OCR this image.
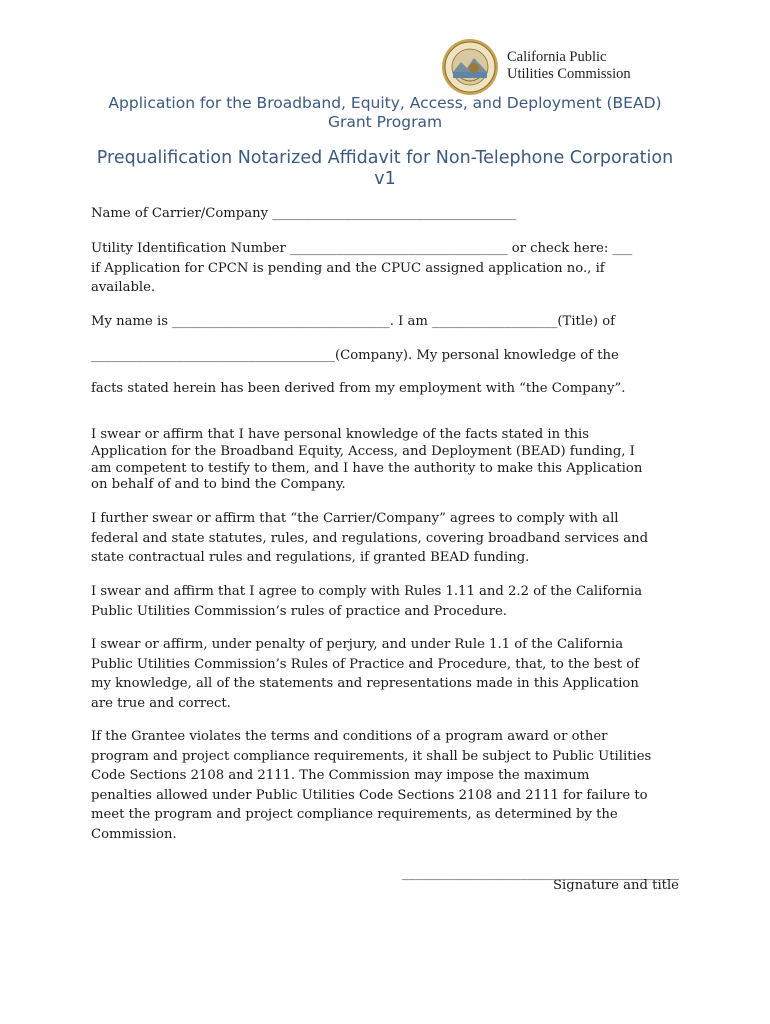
California Public
Utilities Commission
Application for the Broadband, Equity, Access, and Deployment (BEAD)
Grant Program
Prequalification Notarized Affidavit for Non-Telephone Corporation
v1

Name of Carrier/Company _____________________________________

Utility Identification Number _________________________________ or check here: ___
if Application for CPCN is pending and the CPUC assigned application no., if
available.

My name is _________________________________. I am ___________________(Title) of

_____________________________________(Company). My personal knowledge of the

facts stated herein has been derived from my employment with “the Company”.

I swear or affirm that I have personal knowledge of the facts stated in this
Application for the Broadband Equity, Access, and Deployment (BEAD) funding, I
am competent to testify to them, and I have the authority to make this Application
on behalf of and to bind the Company.

I further swear or affirm that “the Carrier/Company” agrees to comply with all
federal and state statutes, rules, and regulations, covering broadband services and
state contractual rules and regulations, if granted BEAD funding.

I swear and affirm that I agree to comply with Rules 1.11 and 2.2 of the California
Public Utilities Commission’s rules of practice and Procedure.

I swear or affirm, under penalty of perjury, and under Rule 1.1 of the California
Public Utilities Commission’s Rules of Practice and Procedure, that, to the best of
my knowledge, all of the statements and representations made in this Application
are true and correct.

If the Grantee violates the terms and conditions of a program award or other
program and project compliance requirements, it shall be subject to Public Utilities
Code Sections 2108 and 2111. The Commission may impose the maximum
penalties allowed under Public Utilities Code Sections 2108 and 2111 for failure to
meet the program and project compliance requirements, as determined by the
Commission.

__________________________________________
Signature and title
